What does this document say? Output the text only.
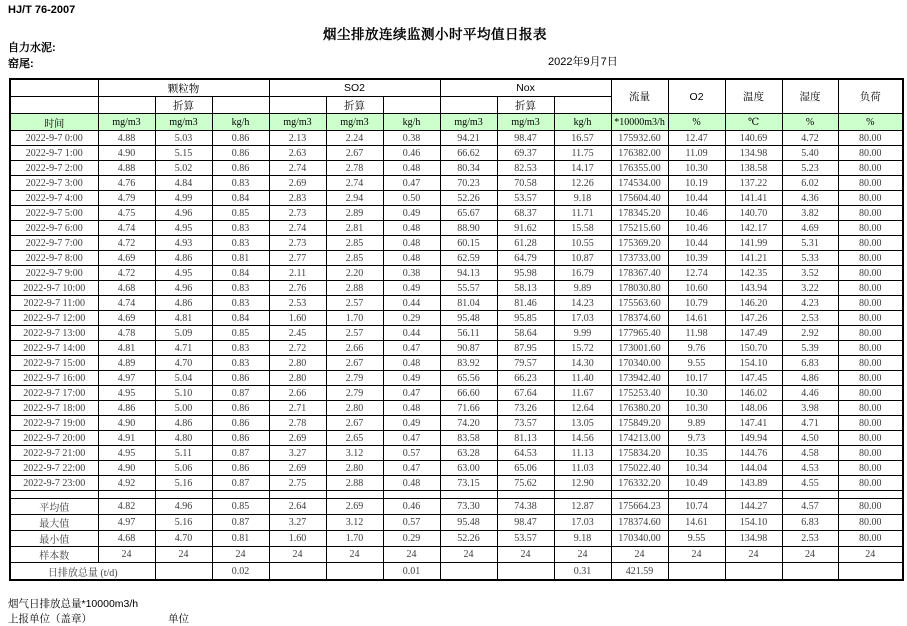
HJ/T 76-2007
烟尘排放连续监测小时平均值日报表
自力水泥:
窑尾:	2022年9月7日
	颗粒物			SO2			Nox			流量	O2	温度	湿度	负荷
		折算			折算			折算						
时间	mg/m3	mg/m3	kg/h	mg/m3	mg/m3	kg/h	mg/m3	mg/m3	kg/h	*10000m3/h	%	℃	%	%
2022-9-7 0:00	4.88	5.03	0.86	2.13	2.24	0.38	94.21	98.47	16.57	175932.60	12.47	140.69	4.72	80.00
2022-9-7 1:00	4.90	5.15	0.86	2.63	2.67	0.46	66.62	69.37	11.75	176382.00	11.09	134.98	5.40	80.00
2022-9-7 2:00	4.88	5.02	0.86	2.74	2.78	0.48	80.34	82.53	14.17	176355.00	10.30	138.58	5.23	80.00
2022-9-7 3:00	4.76	4.84	0.83	2.69	2.74	0.47	70.23	70.58	12.26	174534.00	10.19	137.22	6.02	80.00
2022-9-7 4:00	4.79	4.99	0.84	2.83	2.94	0.50	52.26	53.57	9.18	175604.40	10.44	141.41	4.36	80.00
2022-9-7 5:00	4.75	4.96	0.85	2.73	2.89	0.49	65.67	68.37	11.71	178345.20	10.46	140.70	3.82	80.00
2022-9-7 6:00	4.74	4.95	0.83	2.74	2.81	0.48	88.90	91.62	15.58	175215.60	10.46	142.17	4.69	80.00
2022-9-7 7:00	4.72	4.93	0.83	2.73	2.85	0.48	60.15	61.28	10.55	175369.20	10.44	141.99	5.31	80.00
2022-9-7 8:00	4.69	4.86	0.81	2.77	2.85	0.48	62.59	64.79	10.87	173733.00	10.39	141.21	5.33	80.00
2022-9-7 9:00	4.72	4.95	0.84	2.11	2.20	0.38	94.13	95.98	16.79	178367.40	12.74	142.35	3.52	80.00
2022-9-7 10:00	4.68	4.96	0.83	2.76	2.88	0.49	55.57	58.13	9.89	178030.80	10.60	143.94	3.22	80.00
2022-9-7 11:00	4.74	4.86	0.83	2.53	2.57	0.44	81.04	81.46	14.23	175563.60	10.79	146.20	4.23	80.00
2022-9-7 12:00	4.69	4.81	0.84	1.60	1.70	0.29	95.48	95.85	17.03	178374.60	14.61	147.26	2.53	80.00
2022-9-7 13:00	4.78	5.09	0.85	2.45	2.57	0.44	56.11	58.64	9.99	177965.40	11.98	147.49	2.92	80.00
2022-9-7 14:00	4.81	4.71	0.83	2.72	2.66	0.47	90.87	87.95	15.72	173001.60	9.76	150.70	5.39	80.00
2022-9-7 15:00	4.89	4.70	0.83	2.80	2.67	0.48	83.92	79.57	14.30	170340.00	9.55	154.10	6.83	80.00
2022-9-7 16:00	4.97	5.04	0.86	2.80	2.79	0.49	65.56	66.23	11.40	173942.40	10.17	147.45	4.86	80.00
2022-9-7 17:00	4.95	5.10	0.87	2.66	2.79	0.47	66.60	67.64	11.67	175253.40	10.30	146.02	4.46	80.00
2022-9-7 18:00	4.86	5.00	0.86	2.71	2.80	0.48	71.66	73.26	12.64	176380.20	10.30	148.06	3.98	80.00
2022-9-7 19:00	4.90	4.86	0.86	2.78	2.67	0.49	74.20	73.57	13.05	175849.20	9.89	147.41	4.71	80.00
2022-9-7 20:00	4.91	4.80	0.86	2.69	2.65	0.47	83.58	81.13	14.56	174213.00	9.73	149.94	4.50	80.00
2022-9-7 21:00	4.95	5.11	0.87	3.27	3.12	0.57	63.28	64.53	11.13	175834.20	10.35	144.76	4.58	80.00
2022-9-7 22:00	4.90	5.06	0.86	2.69	2.80	0.47	63.00	65.06	11.03	175022.40	10.34	144.04	4.53	80.00
2022-9-7 23:00	4.92	5.16	0.87	2.75	2.88	0.48	73.15	75.62	12.90	176332.20	10.49	143.89	4.55	80.00

平均值	4.82	4.96	0.85	2.64	2.69	0.46	73.30	74.38	12.87	175664.23	10.74	144.27	4.57	80.00
最大值	4.97	5.16	0.87	3.27	3.12	0.57	95.48	98.47	17.03	178374.60	14.61	154.10	6.83	80.00
最小值	4.68	4.70	0.81	1.60	1.70	0.29	52.26	53.57	9.18	170340.00	9.55	134.98	2.53	80.00
样本数	24	24	24	24	24	24	24	24	24	24	24	24	24	24
日排放总量 (t/d)			0.02			0.01			0.31	421.59				
烟气日排放总量*10000m3/h
上报单位（盖章）	单位
